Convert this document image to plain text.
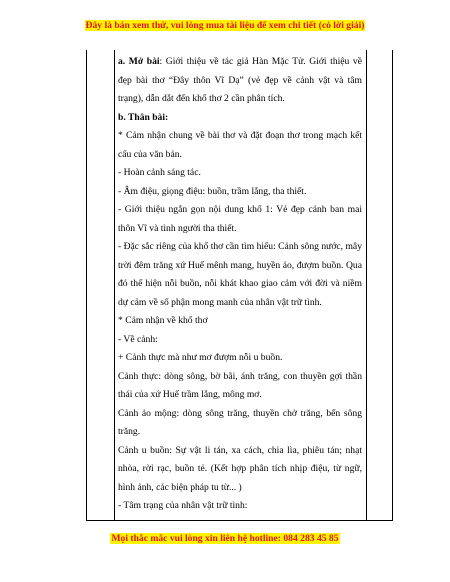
Đây là bản xem thử, vui lòng mua tài liệu để xem chi tiết (có lời giải)

a. Mở bài: Giới thiệu về tác giả Hàn Mặc Tử. Giới thiệu về đẹp bài thơ “Đây thôn Vĩ Dạ” (vẻ đẹp về cảnh vật và tâm trạng), dẫn dắt đến khổ thơ 2 cần phân tích.

b. Thân bài:

* Cảm nhận chung về bài thơ và đặt đoạn thơ trong mạch kết cấu của văn bản.

- Hoàn cảnh sáng tác.

- Âm điệu, giọng điệu: buồn, trầm lắng, tha thiết.

- Giới thiệu ngắn gọn nội dung khổ 1: Vẻ đẹp cảnh ban mai thôn Vĩ và tình người tha thiết.

- Đặc sắc riêng của khổ thơ cần tìm hiểu: Cảnh sông nước, mây trời đêm trăng xứ Huế mênh mang, huyền ảo, đượm buồn. Qua đó thể hiện nỗi buồn, nỗi khát khao giao cảm với đời và niềm dự cảm về số phận mong manh của nhân vật trữ tình.

* Cảm nhận về khổ thơ

- Về cảnh:

+ Cảnh thực mà như mơ đượm nỗi u buồn.

Cảnh thực: dòng sông, bờ bãi, ánh trăng, con thuyền gợi thần thái của xứ Huế trầm lắng, mông mơ.

Cảnh ảo mộng: dòng sông trăng, thuyền chở trăng, bến sông trăng.

Cảnh u buồn: Sự vật li tán, xa cách, chia lìa, phiêu tán; nhạt nhòa, rời rạc, buồn tẻ. (Kết hợp phân tích nhịp điệu, từ ngữ, hình ảnh, các biện pháp tu từ... )

- Tâm trạng của nhân vật trữ tình:

Mọi thắc mắc vui lòng xin liên hệ hotline: 084 283 45 85
